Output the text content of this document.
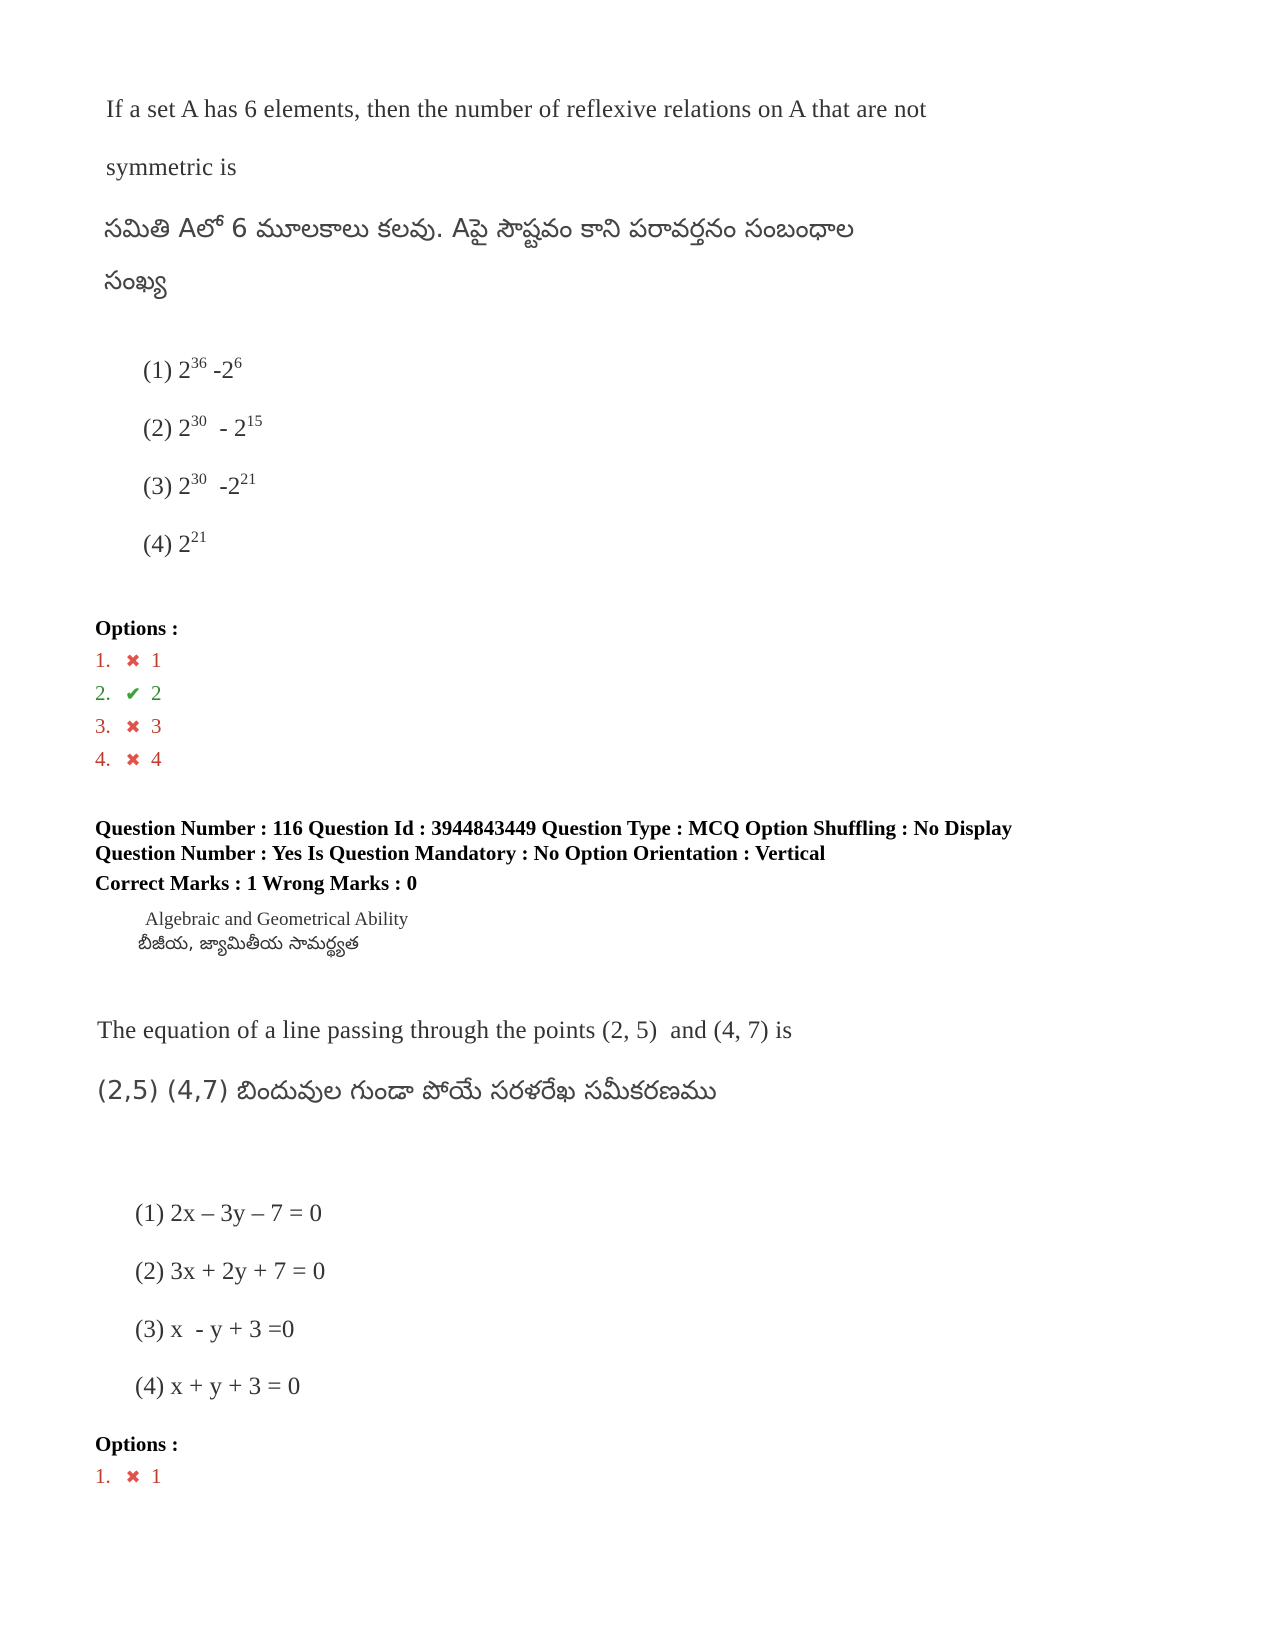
If a set A has 6 elements, then the number of reflexive relations on A that are not
symmetric is
సమితి Aలో 6 మూలకాలు కలవు. Aపై సౌష్టవం కాని పరావర్తనం సంబంధాల
సంఖ్య
(1) $2^{36}$ $-2^6$
(2) $2^{30} - 2^{15}$
(3) $2^{30}$  $-2^{21}$
(4) $2^{21}$
Options :
1. ✖ 1
2. ✔ 2
3. ✖ 3
4. ✖ 4
Question Number : 116 Question Id : 3944843449 Question Type : MCQ Option Shuffling : No Display
Question Number : Yes Is Question Mandatory : No Option Orientation : Vertical
Correct Marks : 1 Wrong Marks : 0
Algebraic and Geometrical Ability
బీజీయ, జ్యామితీయ సామర్థ్యత
The equation of a line passing through the points (2, 5)  and (4, 7) is
(2,5) (4,7) బిందువుల గుండా పోయే సరళరేఖ సమీకరణము
(1) 2x – 3y – 7 = 0
(2) 3x + 2y + 7 = 0
(3) x  - y + 3 =0
(4) x + y + 3 = 0
Options :
1. ✖ 1
